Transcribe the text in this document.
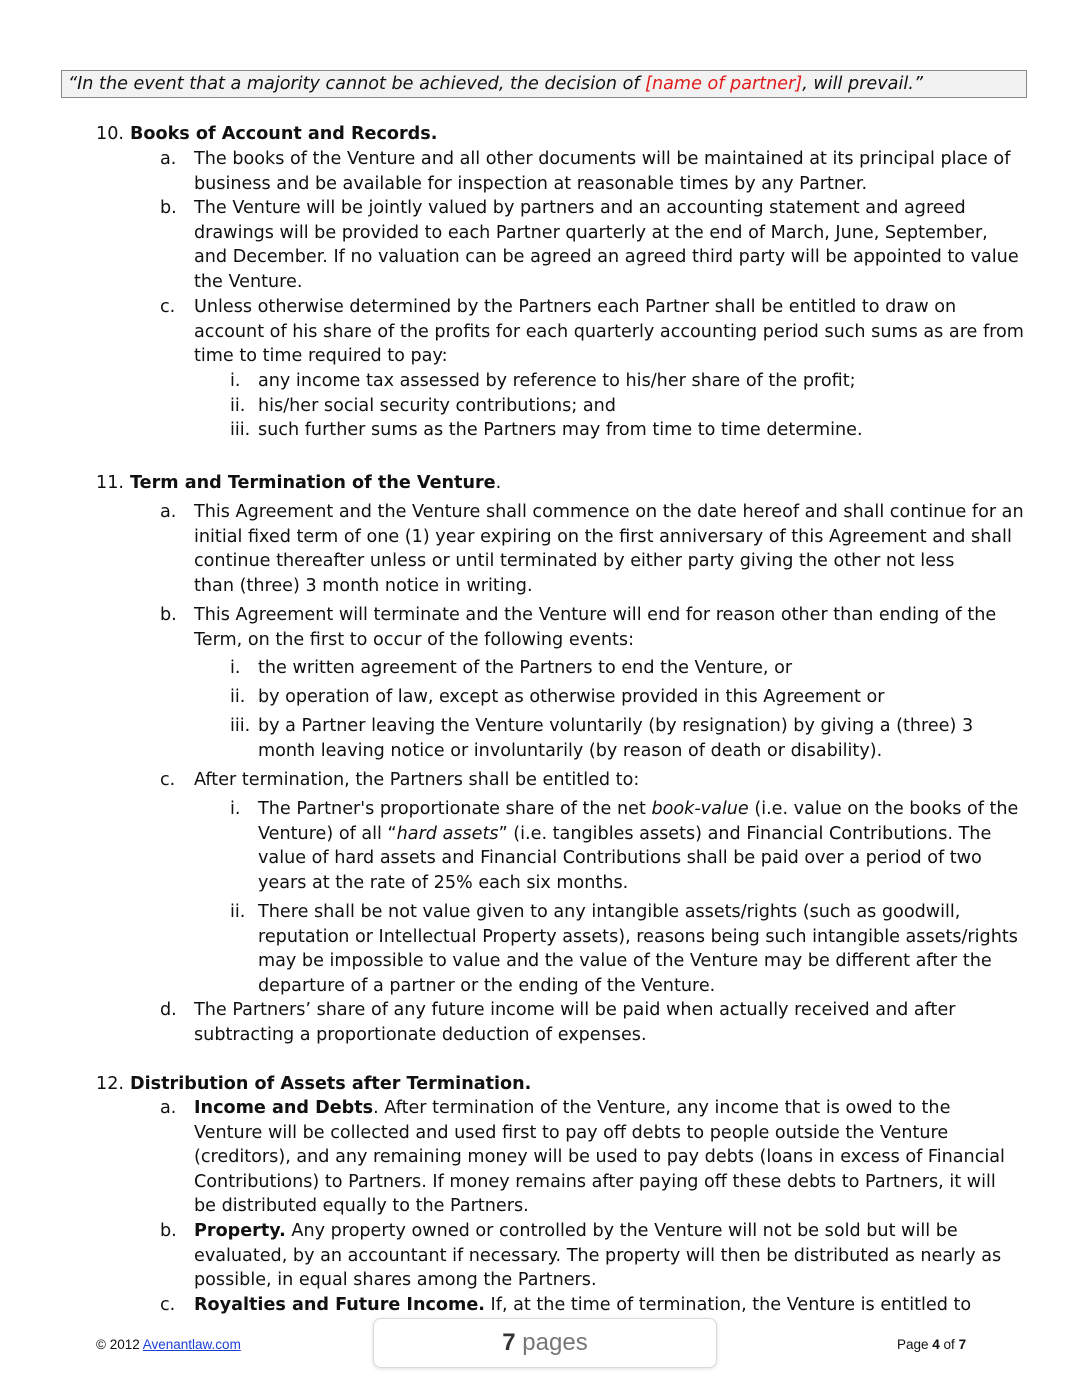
“In the event that a majority cannot be achieved, the decision of [name of partner], will prevail.”
10. Books of Account and Records.
a.	The books of the Venture and all other documents will be maintained at its principal place of
business and be available for inspection at reasonable times by any Partner.
b. The Venture will be jointly valued by partners and an accounting statement and agreed
drawings will be provided to each Partner quarterly at the end of March, June, September,
and December. If no valuation can be agreed an agreed third party will be appointed to value
the Venture.
c.	Unless otherwise determined by the Partners each Partner shall be entitled to draw on
account of his share of the profits for each quarterly accounting period such sums as are from
time to time required to pay:
i. any income tax assessed by reference to his/her share of the profit;
ii. his/her social security contributions; and
iii. such further sums as the Partners may from time to time determine.
11. Term and Termination of the Venture.
a.	This Agreement and the Venture shall commence on the date hereof and shall continue for an
initial fixed term of one (1) year expiring on the first anniversary of this Agreement and shall
continue thereafter unless or until terminated by either party giving the other not less
than (three) 3 month notice in writing.
b. This Agreement will terminate and the Venture will end for reason other than ending of the
Term, on the first to occur of the following events:
i. the written agreement of the Partners to end the Venture, or
ii. by operation of law, except as otherwise provided in this Agreement or
iii. by a Partner leaving the Venture voluntarily (by resignation) by giving a (three) 3
month leaving notice or involuntarily (by reason of death or disability).
c.	After termination, the Partners shall be entitled to:
i. The Partner's proportionate share of the net book-value (i.e. value on the books of the
Venture) of all “hard assets” (i.e. tangibles assets) and Financial Contributions. The
value of hard assets and Financial Contributions shall be paid over a period of two
years at the rate of 25% each six months.
ii. There shall be not value given to any intangible assets/rights (such as goodwill,
reputation or Intellectual Property assets), reasons being such intangible assets/rights
may be impossible to value and the value of the Venture may be different after the
departure of a partner or the ending of the Venture.
d. The Partners’ share of any future income will be paid when actually received and after
subtracting a proportionate deduction of expenses.
12. Distribution of Assets after Termination.
a.	Income and Debts. After termination of the Venture, any income that is owed to the
Venture will be collected and used first to pay off debts to people outside the Venture
(creditors), and any remaining money will be used to pay debts (loans in excess of Financial
Contributions) to Partners. If money remains after paying off these debts to Partners, it will
be distributed equally to the Partners.
b. Property. Any property owned or controlled by the Venture will not be sold but will be
evaluated, by an accountant if necessary. The property will then be distributed as nearly as
possible, in equal shares among the Partners.
c.	Royalties and Future Income. If, at the time of termination, the Venture is entitled to
© 2012 Avenantlaw.com	Page 4 of 7
7 pages
